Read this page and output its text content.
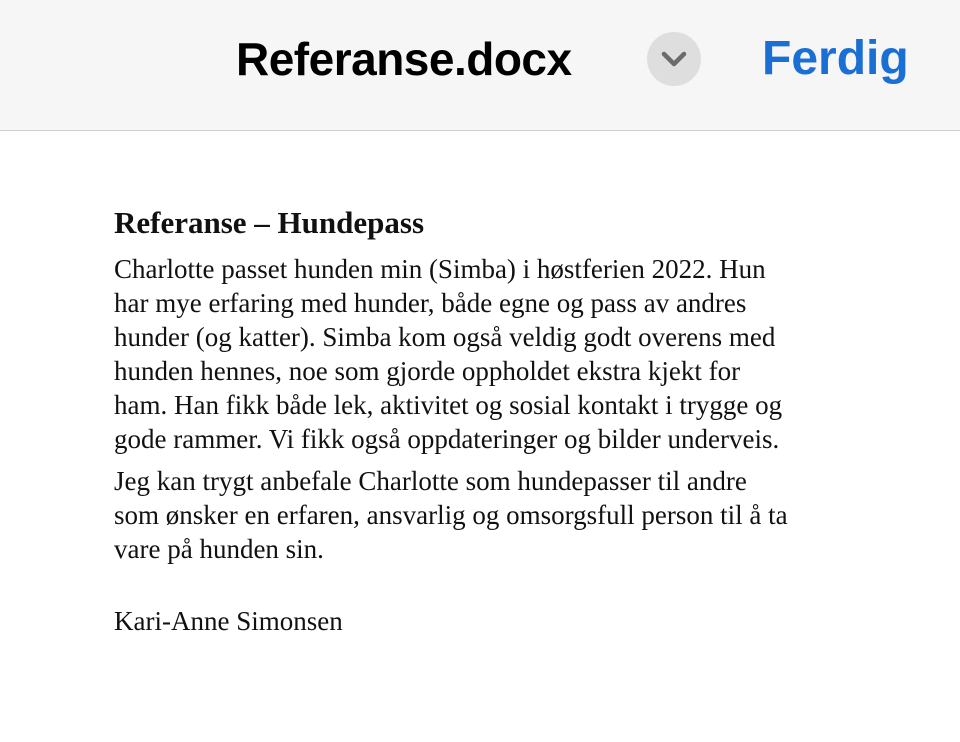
Referanse.docx	Ferdig
Referanse – Hundepass
Charlotte passet hunden min (Simba) i høstferien 2022. Hun
har mye erfaring med hunder, både egne og pass av andres
hunder (og katter). Simba kom også veldig godt overens med
hunden hennes, noe som gjorde oppholdet ekstra kjekt for
ham. Han fikk både lek, aktivitet og sosial kontakt i trygge og
gode rammer. Vi fikk også oppdateringer og bilder underveis.
Jeg kan trygt anbefale Charlotte som hundepasser til andre
som ønsker en erfaren, ansvarlig og omsorgsfull person til å ta
vare på hunden sin.
Kari-Anne Simonsen
